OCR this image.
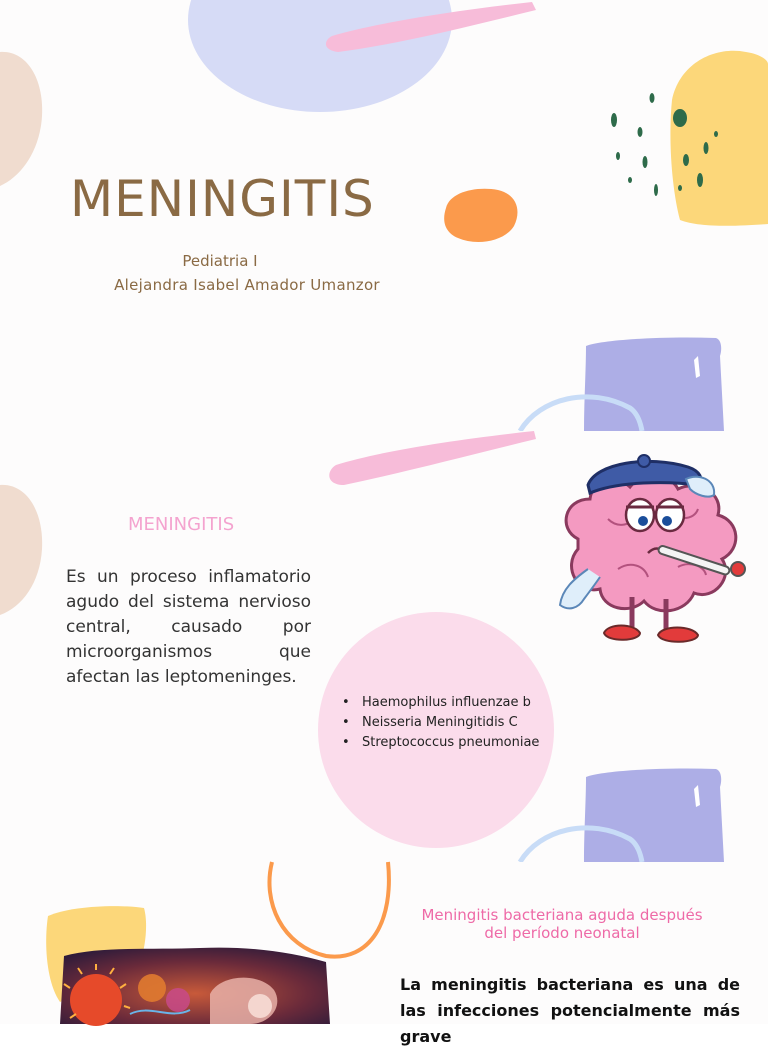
MENINGITIS

Pediatria I

Alejandra Isabel Amador Umanzor

MENINGITIS

Es un proceso inflamatorio agudo del sistema nervioso central, causado por microorganismos que afectan las leptomeninges.

• Haemophilus influenzae b
• Neisseria Meningitidis C
• Streptococcus pneumoniae
Meningitis bacteriana aguda después del período neonatal

La meningitis bacteriana es una de las infecciones potencialmente más grave
